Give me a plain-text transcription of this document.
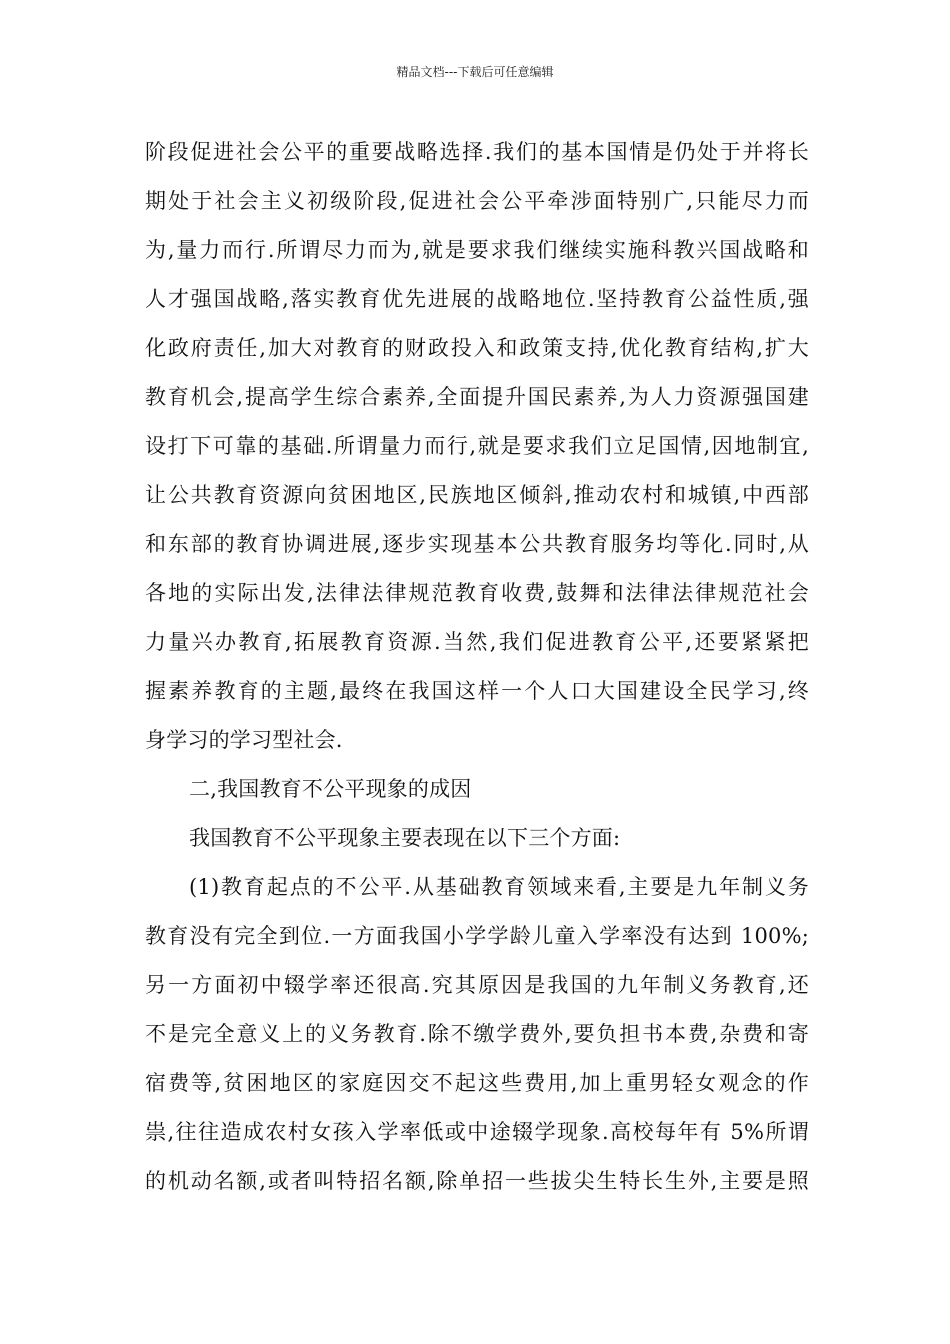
精品文档---下载后可任意编辑
阶段促进社会公平的重要战略选择.我们的基本国情是仍处于并将长
期处于社会主义初级阶段,促进社会公平牵涉面特别广,只能尽力而
为,量力而行.所谓尽力而为,就是要求我们继续实施科教兴国战略和
人才强国战略,落实教育优先进展的战略地位.坚持教育公益性质,强
化政府责任,加大对教育的财政投入和政策支持,优化教育结构,扩大
教育机会,提高学生综合素养,全面提升国民素养,为人力资源强国建
设打下可靠的基础.所谓量力而行,就是要求我们立足国情,因地制宜,
让公共教育资源向贫困地区,民族地区倾斜,推动农村和城镇,中西部
和东部的教育协调进展,逐步实现基本公共教育服务均等化.同时,从
各地的实际出发,法律法律规范教育收费,鼓舞和法律法律规范社会
力量兴办教育,拓展教育资源.当然,我们促进教育公平,还要紧紧把
握素养教育的主题,最终在我国这样一个人口大国建设全民学习,终
身学习的学习型社会.
二,我国教育不公平现象的成因
我国教育不公平现象主要表现在以下三个方面:
(1)教育起点的不公平.从基础教育领域来看,主要是九年制义务
教育没有完全到位.一方面我国小学学龄儿童入学率没有达到 100%;
另一方面初中辍学率还很高.究其原因是我国的九年制义务教育,还
不是完全意义上的义务教育.除不缴学费外,要负担书本费,杂费和寄
宿费等,贫困地区的家庭因交不起这些费用,加上重男轻女观念的作
祟,往往造成农村女孩入学率低或中途辍学现象.高校每年有 5%所谓
的机动名额,或者叫特招名额,除单招一些拔尖生特长生外,主要是照
